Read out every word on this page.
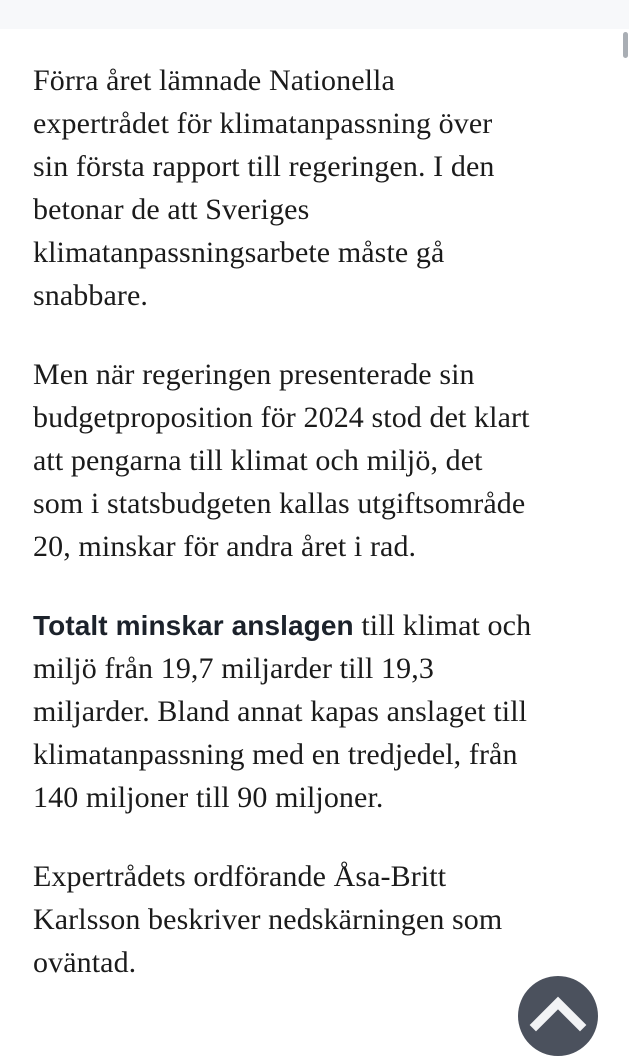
Förra året lämnade Nationella
expertrådet för klimatanpassning över
sin första rapport till regeringen. I den
betonar de att Sveriges
klimatanpassningsarbete måste gå
snabbare.
Men när regeringen presenterade sin
budgetproposition för 2024 stod det klart
att pengarna till klimat och miljö, det
som i statsbudgeten kallas utgiftsområde
20, minskar för andra året i rad.
Totalt minskar anslagen till klimat och
miljö från 19,7 miljarder till 19,3
miljarder. Bland annat kapas anslaget till
klimatanpassning med en tredjedel, från
140 miljoner till 90 miljoner.
Expertrådets ordförande Åsa-Britt
Karlsson beskriver nedskärningen som
oväntad.
